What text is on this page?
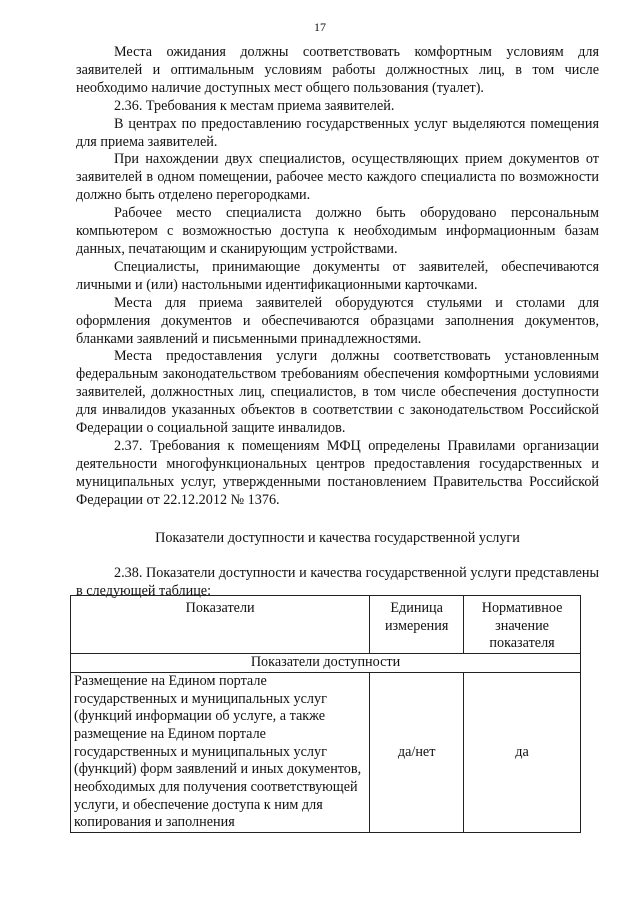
17

Места ожидания должны соответствовать комфортным условиям для заявителей и оптимальным условиям работы должностных лиц, в том числе необходимо наличие доступных мест общего пользования (туалет).

2.36. Требования к местам приема заявителей.

В центрах по предоставлению государственных услуг выделяются помещения для приема заявителей.

При нахождении двух специалистов, осуществляющих прием документов от заявителей в одном помещении, рабочее место каждого специалиста по возможности должно быть отделено перегородками.

Рабочее место специалиста должно быть оборудовано персональным компьютером с возможностью доступа к необходимым информационным базам данных, печатающим и сканирующим устройствами.

Специалисты, принимающие документы от заявителей, обеспечиваются личными и (или) настольными идентификационными карточками.

Места для приема заявителей оборудуются стульями и столами для оформления документов и обеспечиваются образцами заполнения документов, бланками заявлений и письменными принадлежностями.

Места предоставления услуги должны соответствовать установленным федеральным законодательством требованиям обеспечения комфортными условиями заявителей, должностных лиц, специалистов, в том числе обеспечения доступности для инвалидов указанных объектов в соответствии с законодательством Российской Федерации о социальной защите инвалидов.

2.37. Требования к помещениям МФЦ определены Правилами организации деятельности многофункциональных центров предоставления государственных и муниципальных услуг, утвержденными постановлением Правительства Российской Федерации от 22.12.2012 № 1376.

Показатели доступности и качества государственной услуги

2.38. Показатели доступности и качества государственной услуги представлены в следующей таблице:

Показатели	Единица измерения	Нормативное значение показателя
Показатели доступности		
Размещение на Едином портале государственных и муниципальных услуг (функций информации об услуге, а также размещение на Едином портале государственных и муниципальных услуг (функций) форм заявлений и иных документов, необходимых для получения соответствующей услуги, и обеспечение доступа к ним для копирования и заполнения	да/нет	да
